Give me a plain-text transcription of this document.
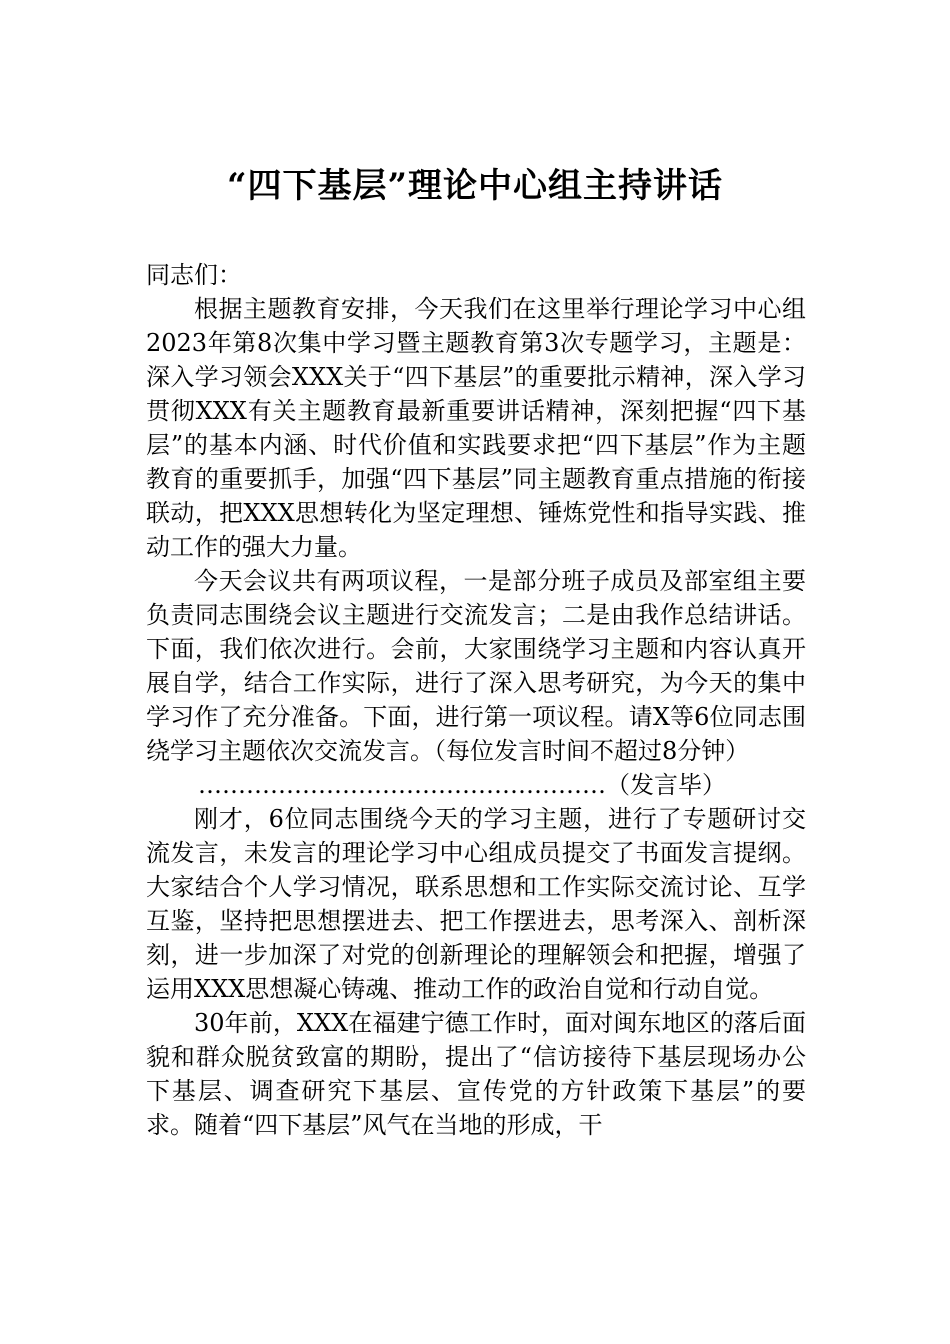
“四下基层”理论中心组主持讲话

同志们：

根据主题教育安排，今天我们在这里举行理论学习中心组2023年第8次集中学习暨主题教育第3次专题学习，主题是：深入学习领会XXX关于“四下基层”的重要批示精神，深入学习贯彻XXX有关主题教育最新重要讲话精神，深刻把握“四下基层”的基本内涵、时代价值和实践要求把“四下基层”作为主题教育的重要抓手，加强“四下基层”同主题教育重点措施的衔接联动，把XXX思想转化为坚定理想、锤炼党性和指导实践、推动工作的强大力量。

今天会议共有两项议程，一是部分班子成员及部室组主要负责同志围绕会议主题进行交流发言；二是由我作总结讲话。下面，我们依次进行。会前，大家围绕学习主题和内容认真开展自学，结合工作实际，进行了深入思考研究，为今天的集中学习作了充分准备。下面，进行第一项议程。请X等6位同志围绕学习主题依次交流发言。（每位发言时间不超过8分钟）

……………………………………………（发言毕）

刚才，6位同志围绕今天的学习主题，进行了专题研讨交流发言，未发言的理论学习中心组成员提交了书面发言提纲。大家结合个人学习情况，联系思想和工作实际交流讨论、互学互鉴，坚持把思想摆进去、把工作摆进去，思考深入、剖析深刻，进一步加深了对党的创新理论的理解领会和把握，增强了运用XXX思想凝心铸魂、推动工作的政治自觉和行动自觉。

30年前，XXX在福建宁德工作时，面对闽东地区的落后面貌和群众脱贫致富的期盼，提出了“信访接待下基层现场办公下基层、调查研究下基层、宣传党的方针政策下基层”的要求。随着“四下基层”风气在当地的形成，干
